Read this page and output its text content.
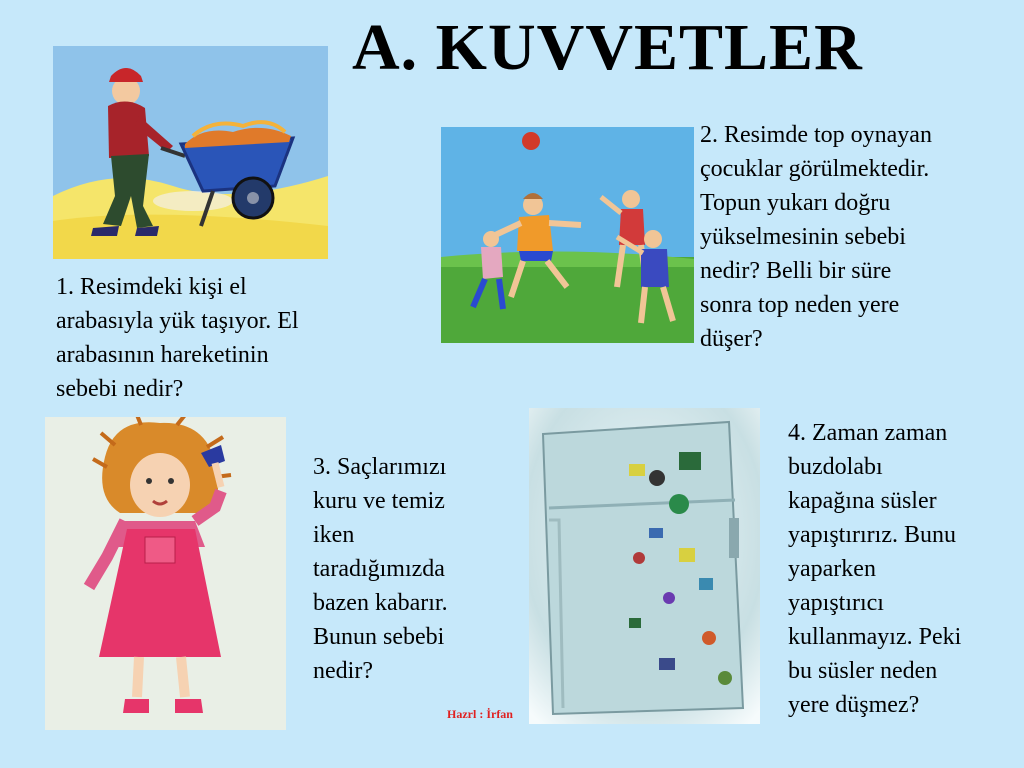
A. KUVVETLER
1. Resimdeki kişi el
arabasıyla yük taşıyor. El
arabasının hareketinin
sebebi nedir?
2. Resimde top oynayan
çocuklar görülmektedir.
Topun yukarı doğru
yükselmesinin sebebi
nedir? Belli bir süre
sonra top neden yere
düşer?
3. Saçlarımızı
kuru ve temiz
iken
taradığımızda
bazen kabarır.
Bunun sebebi
nedir?
4. Zaman zaman
buzdolabı
kapağına süsler
yapıştırırız. Bunu
yaparken
yapıştırıcı
kullanmayız. Peki
bu süsler neden
yere düşmez?
Hazrl : İrfan
